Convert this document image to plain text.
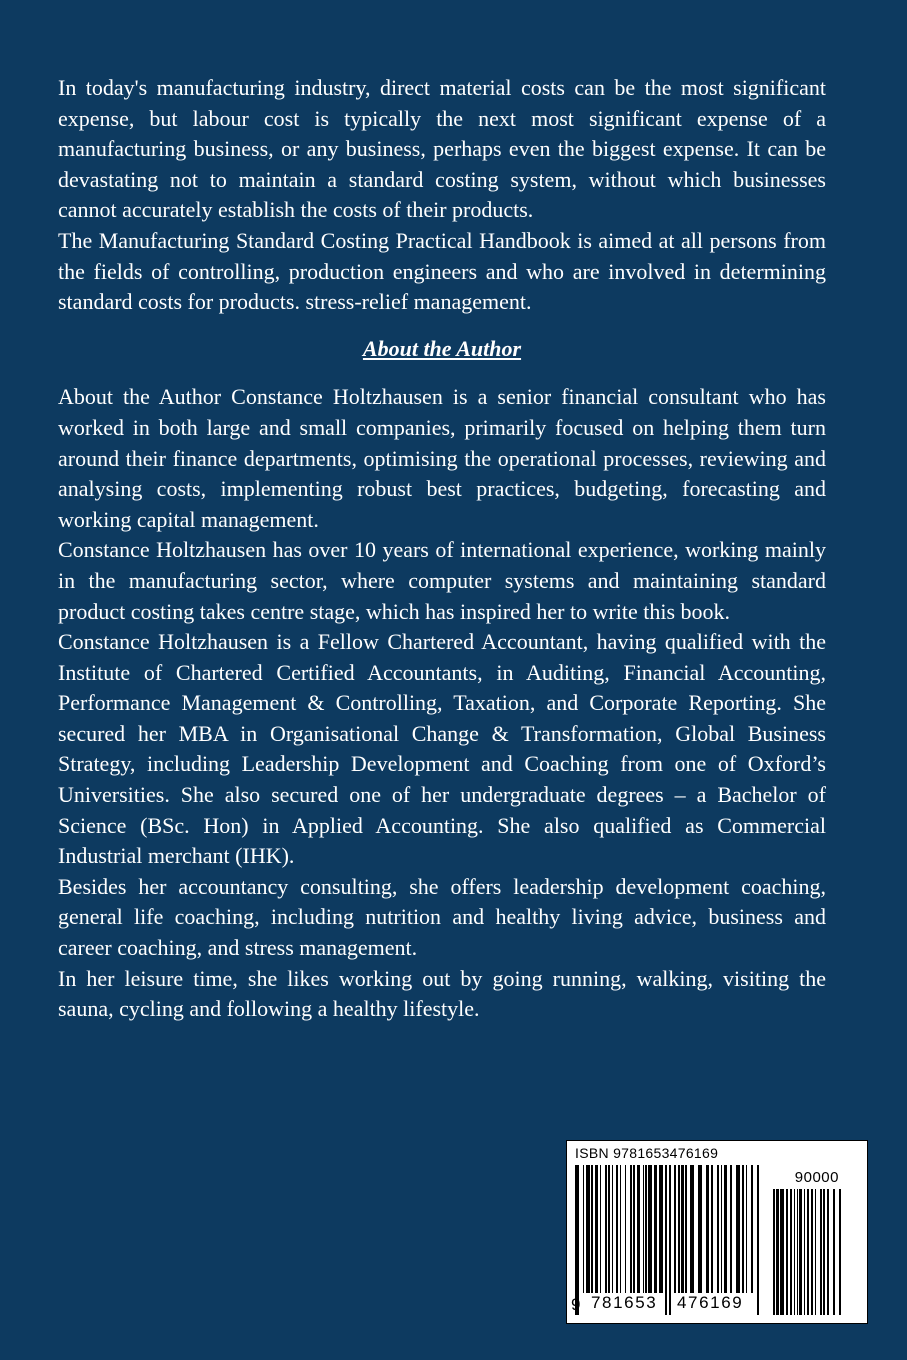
In today's manufacturing industry, direct material costs can be the most significant expense, but labour cost is typically the next most significant expense of a manufacturing business, or any business, perhaps even the biggest expense. It can be devastating not to maintain a standard costing system, without which businesses cannot accurately establish the costs of their products.

The Manufacturing Standard Costing Practical Handbook is aimed at all persons from the fields of controlling, production engineers and who are involved in determining standard costs for products. stress-relief management.

About the Author

About the Author Constance Holtzhausen is a senior financial consultant who has worked in both large and small companies, primarily focused on helping them turn around their finance departments, optimising the operational processes, reviewing and analysing costs, implementing robust best practices, budgeting, forecasting and working capital management.

Constance Holtzhausen has over 10 years of international experience, working mainly in the manufacturing sector, where computer systems and maintaining standard product costing takes centre stage, which has inspired her to write this book.

Constance Holtzhausen is a Fellow Chartered Accountant, having qualified with the Institute of Chartered Certified Accountants, in Auditing, Financial Accounting, Performance Management & Controlling, Taxation, and Corporate Reporting. She secured her MBA in Organisational Change & Transformation, Global Business Strategy, including Leadership Development and Coaching from one of Oxford’s Universities. She also secured one of her undergraduate degrees – a Bachelor of Science (BSc. Hon) in Applied Accounting. She also qualified as Commercial Industrial merchant (IHK).

Besides her accountancy consulting, she offers leadership development coaching, general life coaching, including nutrition and healthy living advice, business and career coaching, and stress management.

In her leisure time, she likes working out by going running, walking, visiting the sauna, cycling and following a healthy lifestyle.

ISBN 9781653476169
90000
9 781653 476169
